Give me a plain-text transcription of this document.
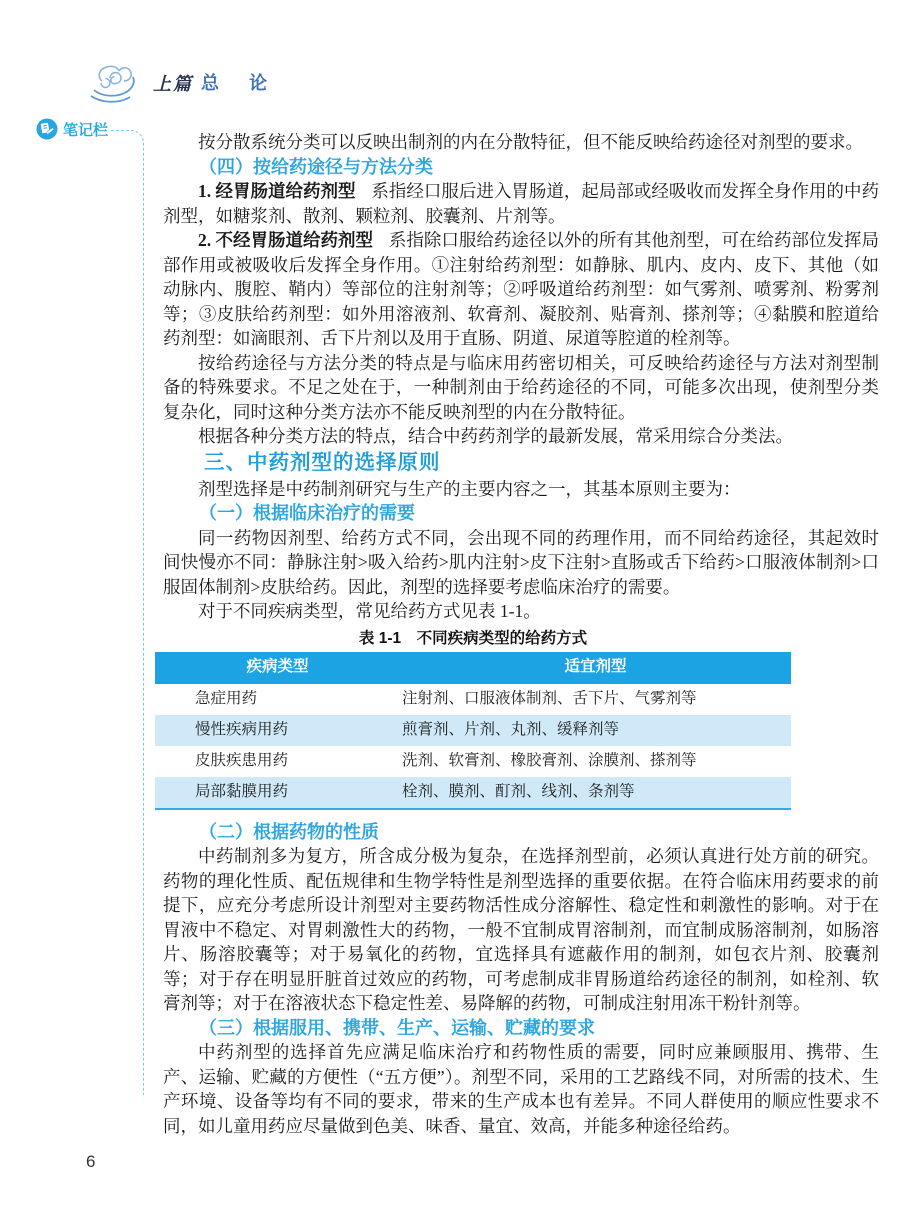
上篇 总　论
笔记栏

按分散系统分类可以反映出制剂的内在分散特征，但不能反映给药途径对剂型的要求。

（四）按给药途径与方法分类

1. 经胃肠道给药剂型 系指经口服后进入胃肠道，起局部或经吸收而发挥全身作用的中药剂型，如糖浆剂、散剂、颗粒剂、胶囊剂、片剂等。

2. 不经胃肠道给药剂型 系指除口服给药途径以外的所有其他剂型，可在给药部位发挥局部作用或被吸收后发挥全身作用。①注射给药剂型：如静脉、肌内、皮内、皮下、其他（如动脉内、腹腔、鞘内）等部位的注射剂等；②呼吸道给药剂型：如气雾剂、喷雾剂、粉雾剂等；③皮肤给药剂型：如外用溶液剂、软膏剂、凝胶剂、贴膏剂、搽剂等；④黏膜和腔道给药剂型：如滴眼剂、舌下片剂以及用于直肠、阴道、尿道等腔道的栓剂等。

按给药途径与方法分类的特点是与临床用药密切相关，可反映给药途径与方法对剂型制备的特殊要求。不足之处在于，一种制剂由于给药途径的不同，可能多次出现，使剂型分类复杂化，同时这种分类方法亦不能反映剂型的内在分散特征。

根据各种分类方法的特点，结合中药药剂学的最新发展，常采用综合分类法。

三、中药剂型的选择原则

剂型选择是中药制剂研究与生产的主要内容之一，其基本原则主要为：

（一）根据临床治疗的需要

同一药物因剂型、给药方式不同，会出现不同的药理作用，而不同给药途径，其起效时间快慢亦不同：静脉注射>吸入给药>肌内注射>皮下注射>直肠或舌下给药>口服液体制剂>口服固体制剂>皮肤给药。因此，剂型的选择要考虑临床治疗的需要。

对于不同疾病类型，常见给药方式见表 1-1。

表 1-1　不同疾病类型的给药方式
疾病类型	适宜剂型
急症用药	注射剂、口服液体制剂、舌下片、气雾剂等
慢性疾病用药	煎膏剂、片剂、丸剂、缓释剂等
皮肤疾患用药	洗剂、软膏剂、橡胶膏剂、涂膜剂、搽剂等
局部黏膜用药	栓剂、膜剂、酊剂、线剂、条剂等

（二）根据药物的性质

中药制剂多为复方，所含成分极为复杂，在选择剂型前，必须认真进行处方前的研究。药物的理化性质、配伍规律和生物学特性是剂型选择的重要依据。在符合临床用药要求的前提下，应充分考虑所设计剂型对主要药物活性成分溶解性、稳定性和刺激性的影响。对于在胃液中不稳定、对胃刺激性大的药物，一般不宜制成胃溶制剂，而宜制成肠溶制剂，如肠溶片、肠溶胶囊等；对于易氧化的药物，宜选择具有遮蔽作用的制剂，如包衣片剂、胶囊剂等；对于存在明显肝脏首过效应的药物，可考虑制成非胃肠道给药途径的制剂，如栓剂、软膏剂等；对于在溶液状态下稳定性差、易降解的药物，可制成注射用冻干粉针剂等。

（三）根据服用、携带、生产、运输、贮藏的要求

中药剂型的选择首先应满足临床治疗和药物性质的需要，同时应兼顾服用、携带、生产、运输、贮藏的方便性（“五方便”）。剂型不同，采用的工艺路线不同，对所需的技术、生产环境、设备等均有不同的要求，带来的生产成本也有差异。不同人群使用的顺应性要求不同，如儿童用药应尽量做到色美、味香、量宜、效高，并能多种途径给药。

6
